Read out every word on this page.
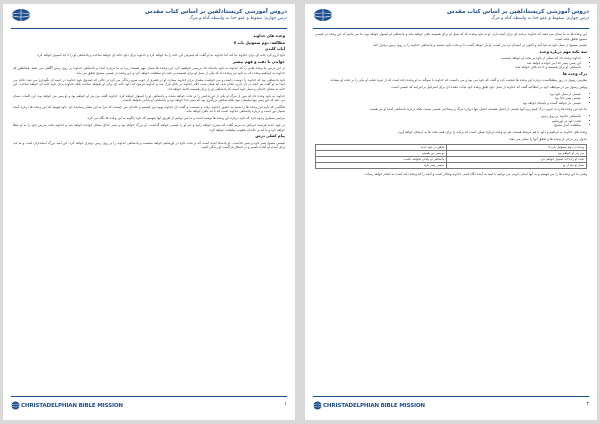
دروس آموزشی کریستادلفین بر اساس کتاب مقدس
درس چهارم: سقوط و عفو خدا به واسطه گناه و مرگ

وعده های خداوند

مطالعه: دوم سموئیل باب ۷

آیات کلیدی

داود آرزو کرد خانه ای برای خداوند بنا کند اما خداوند به او گفت که پسرش این خانه را بنا خواهد کرد و خداوند برای داود خانه ای خواهد ساخت و پادشاهی او را تا ابد استوار خواهد کرد.

خواندن با دقت و فهم بیشتر

در این درس ما وعده هایی را که خداوند به داود پادشاه داد بررسی خواهیم کرد. این وعده ها بسیار مهم هستند زیرا به ما درباره آینده و پادشاهی خداوند بر روی زمین آگاهی می دهند. همانطور که خداوند به ابراهیم وعده داد، به داود نیز وعده داد که یکی از نسل او برای همیشه بر تخت او سلطنت خواهد کرد و این وعده در عیسی مسیح تحقق می یابد.

داود پادشاهی بود که خداوند را دوست داشت و می خواست معبدی برای خداوند بسازد. او در قصری از چوب سرو زندگی می کرد در حالی که صندوق عهد خداوند در خیمه ای نگهداری می شد. ناتان نبی ابتدا به او گفت هر آنچه در دل داری انجام بده، اما همان شب کلام خداوند بر ناتان نازل شد و خداوند فرمود که داود خانه ای برای او نخواهد ساخت بلکه خداوند برای داود خانه ای خواهد ساخت. این خانه به معنای خاندان و نسل داود است که پادشاهی او را برای همیشه ادامه خواهد داد.

خداوند به داود وعده داد که پس از مرگ او یکی از فرزندانش را بر تخت خواهد نشاند و پادشاهی او را استوار خواهد کرد. خداوند گفت من پدر او خواهم بود و او پسر من خواهد بود. این کلمات نشان می دهد که این پسر تنها سلیمان نبود بلکه شخص بزرگتری بود که پسر خدا خواهد بود و پادشاهی او پایانی نخواهد داشت.

هنگامی که داود این وعده ها را شنید به حضور خداوند رفت و نشست و گفت ای خداوند یهوه من کیستم و خاندان من چیست که مرا به این مقام رسانیده ای. داود فهمید که این وعده ها درباره آینده بسیار دور است و درباره پادشاهی خداوند است که تا ابد باقی خواهد ماند.

مزامیر بسیاری وجود دارد که داود درباره این وعده ها نوشته است و ما می توانیم از طریق آنها بفهمیم که داود چگونه به این وعده ها نگاه می کرد.

در عهد جدید فرشته جبرائیل به مریم گفت که پسری خواهد زایید و نام او را عیسی خواهد گذاشت. او بزرگ خواهد بود و پسر خدای متعال خوانده خواهد شد و خداوند تخت پدرش داود را به او عطا خواهد کرد و تا ابد بر خاندان یعقوب سلطنت خواهد کرد.

پیام اصلی درس

عیسی مسیح پسر داود و پسر خداست. او پادشاه آینده است که بر تخت داود در اورشلیم خواهد نشست و پادشاهی خداوند را بر روی زمین برقرار خواهد کرد. این امید بزرگ ایمانداران است و ما باید برای آمدن او آماده باشیم و در انتظار بازگشت او زندگی کنیم.

CHRISTADELPHIAN BIBLE MISSION	۱
دروس آموزشی کریستادلفین بر اساس کتاب مقدس
درس چهارم: سقوط و عفو خدا به واسطه گناه و مرگ

این وعده ها به ما نشان می دهند که خداوند برنامه ای برای آینده دارد. او به داود وعده داد که نسل او برای همیشه باقی خواهد ماند و پادشاهی او استوار خواهد بود. ما می دانیم که این وعده در عیسی مسیح تحقق یافته است.

عیسی مسیح از نسل داود به دنیا آمد و اکنون در آسمان نزد پدر است. او باز خواهد گشت تا بر تخت داود بنشیند و پادشاهی خداوند را بر روی زمین برقرار کند.

سه نکته مهم درباره وعده

• خداوند وعده داد که نسلی از داود بر تخت او خواهد نشست
• این پسر، پسر خدا نیز خوانده خواهد شد
• پادشاهی او برای همیشه و تا ابد باقی خواهد ماند

درک وعده ها

پطرس رسول در روز پنطیکاست درباره این وعده ها صحبت کرد و گفت که داود نبی بود و می دانست که خداوند با سوگند به او وعده داده است که از ثمره صلب او یکی را بر تخت او بنشاند.

پولس رسول نیز در موعظه خود در انطاکیه گفت که خداوند از نسل داود طبق وعده خود نجات دهنده ای برای اسرائیل برخیزانید که عیسی است.

• عیسی از نسل داود بود
• عیسی پسر خدا بود
• عیسی باز خواهد گشت و پادشاه خواهد بود

ما باید این وعده ها را به خوبی درک کنیم زیرا آنها بخشی از انجیل هستند. انجیل تنها درباره مرگ و رستاخیز عیسی نیست بلکه درباره پادشاهی آینده او نیز هست.

• پادشاهی خداوند بر روی زمین
• تخت داود در اورشلیم
• سلطنت ابدی مسیح

وعده های خداوند به ابراهیم و داود با هم مرتبط هستند. هر دو وعده درباره نسلی است که برکت را برای همه ملت ها به ارمغان خواهد آورد.

جدول زیر برخی از وعده ها و تحقق آنها را نشان می دهد:

وعده در دوم سموئیل باب ۷	تحقق در عهد جدید
من پدر او خواهم بود	تو پسر من هستی
تخت او را تا ابد استوار خواهم کرد	پادشاهی او پایانی نخواهد داشت
نسل تو بعد از تو	عیسی پسر داود

وقتی ما این وعده ها را می فهمیم و به آنها ایمان داریم، می توانیم با امید به آینده نگاه کنیم. خداوند وفادار است و آنچه را که وعده داده است به انجام خواهد رساند.

CHRISTADELPHIAN BIBLE MISSION	۲
